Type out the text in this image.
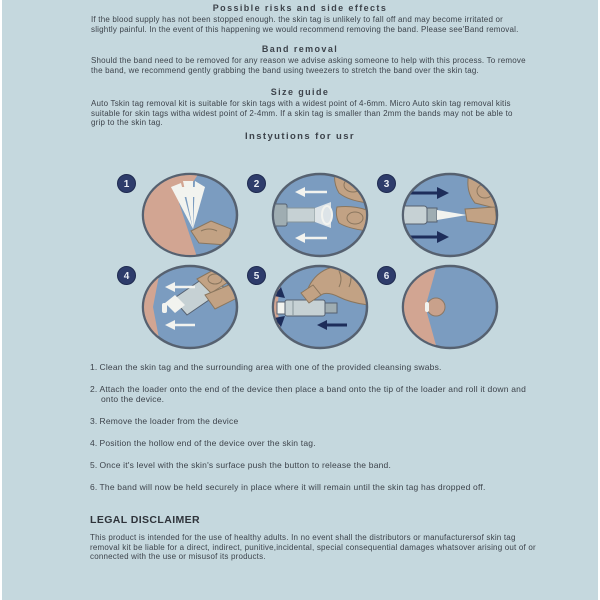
Possible risks and side effects
If the blood supply has not been stopped enough. the skin tag is unlikely to fall off and may become irritated or slightly painful. In the event of this happening we would recommend removing the band. Please see'Band removal.
Band removal
Should the band need to be removed for any reason we advise asking someone to help with this process. To remove the band, we recommend gently grabbing the band using tweezers to stretch the band over the skin tag.
Size guide
Auto Tskin tag removal kit is suitable for skin tags with a widest point of 4-6mm. Micro Auto skin tag removal kitis suitable for skin tags witha widest point of 2-4mm. If a skin tag is smaller than 2mm the bands may not be able to grip to the skin tag.
Instyutions for usr
1	2	3
4	5	6
1. Clean the skin tag and the surrounding area with one of the provided cleansing swabs.
2. Attach the loader onto the end of the device then place a band onto the tip of the loader and roll it down and onto the device.
3. Remove the loader from the device
4. Position the hollow end of the device over the skin tag.
5. Once it's level with the skin's surface push the button to release the band.
6. The band will now be held securely in place where it will remain until the skin tag has dropped off.
LEGAL DISCLAIMER
This product is intended for the use of healthy adults. In no event shall the distributors or manufacturersof skin tag removal kit be liable for a direct, indirect, punitive,incidental, special consequential damages whatsover arising out of or connected with the use or misusof its products.
